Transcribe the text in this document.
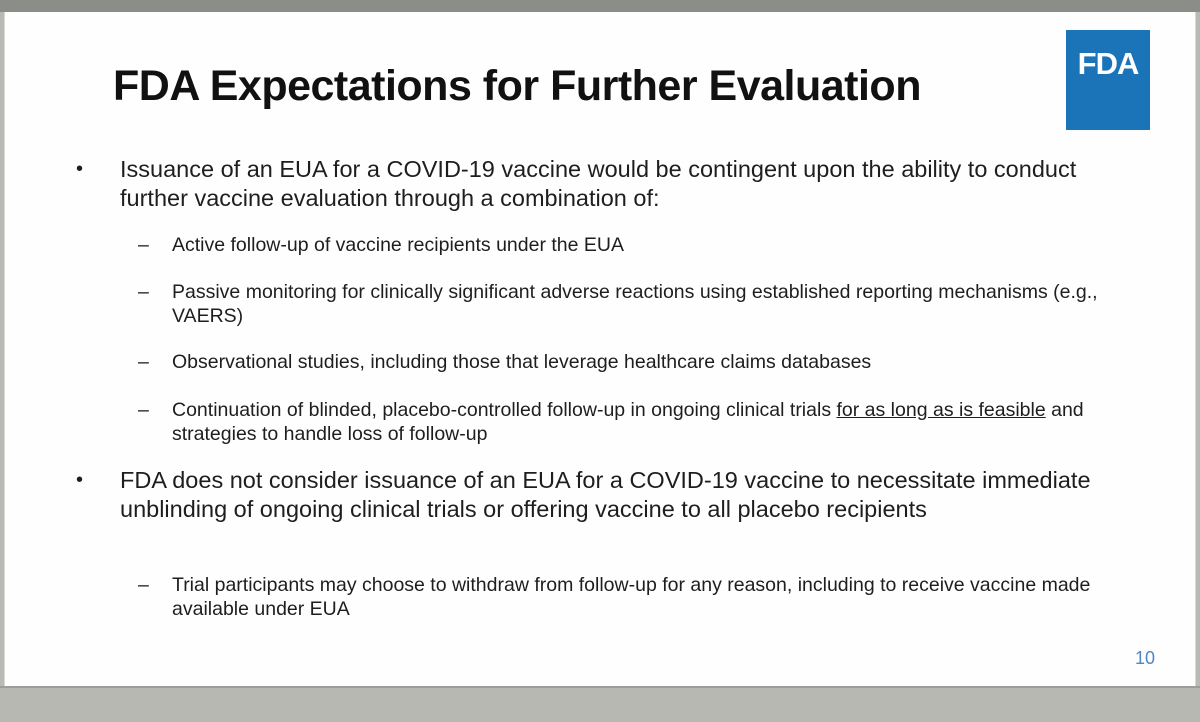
FDA Expectations for Further Evaluation	FDA
• Issuance of an EUA for a COVID-19 vaccine would be contingent upon the ability to conduct further vaccine evaluation through a combination of:
– Active follow-up of vaccine recipients under the EUA
– Passive monitoring for clinically significant adverse reactions using established reporting mechanisms (e.g., VAERS)
– Observational studies, including those that leverage healthcare claims databases
– Continuation of blinded, placebo-controlled follow-up in ongoing clinical trials for as long as is feasible and strategies to handle loss of follow-up
• FDA does not consider issuance of an EUA for a COVID-19 vaccine to necessitate immediate unblinding of ongoing clinical trials or offering vaccine to all placebo recipients
– Trial participants may choose to withdraw from follow-up for any reason, including to receive vaccine made available under EUA
10
